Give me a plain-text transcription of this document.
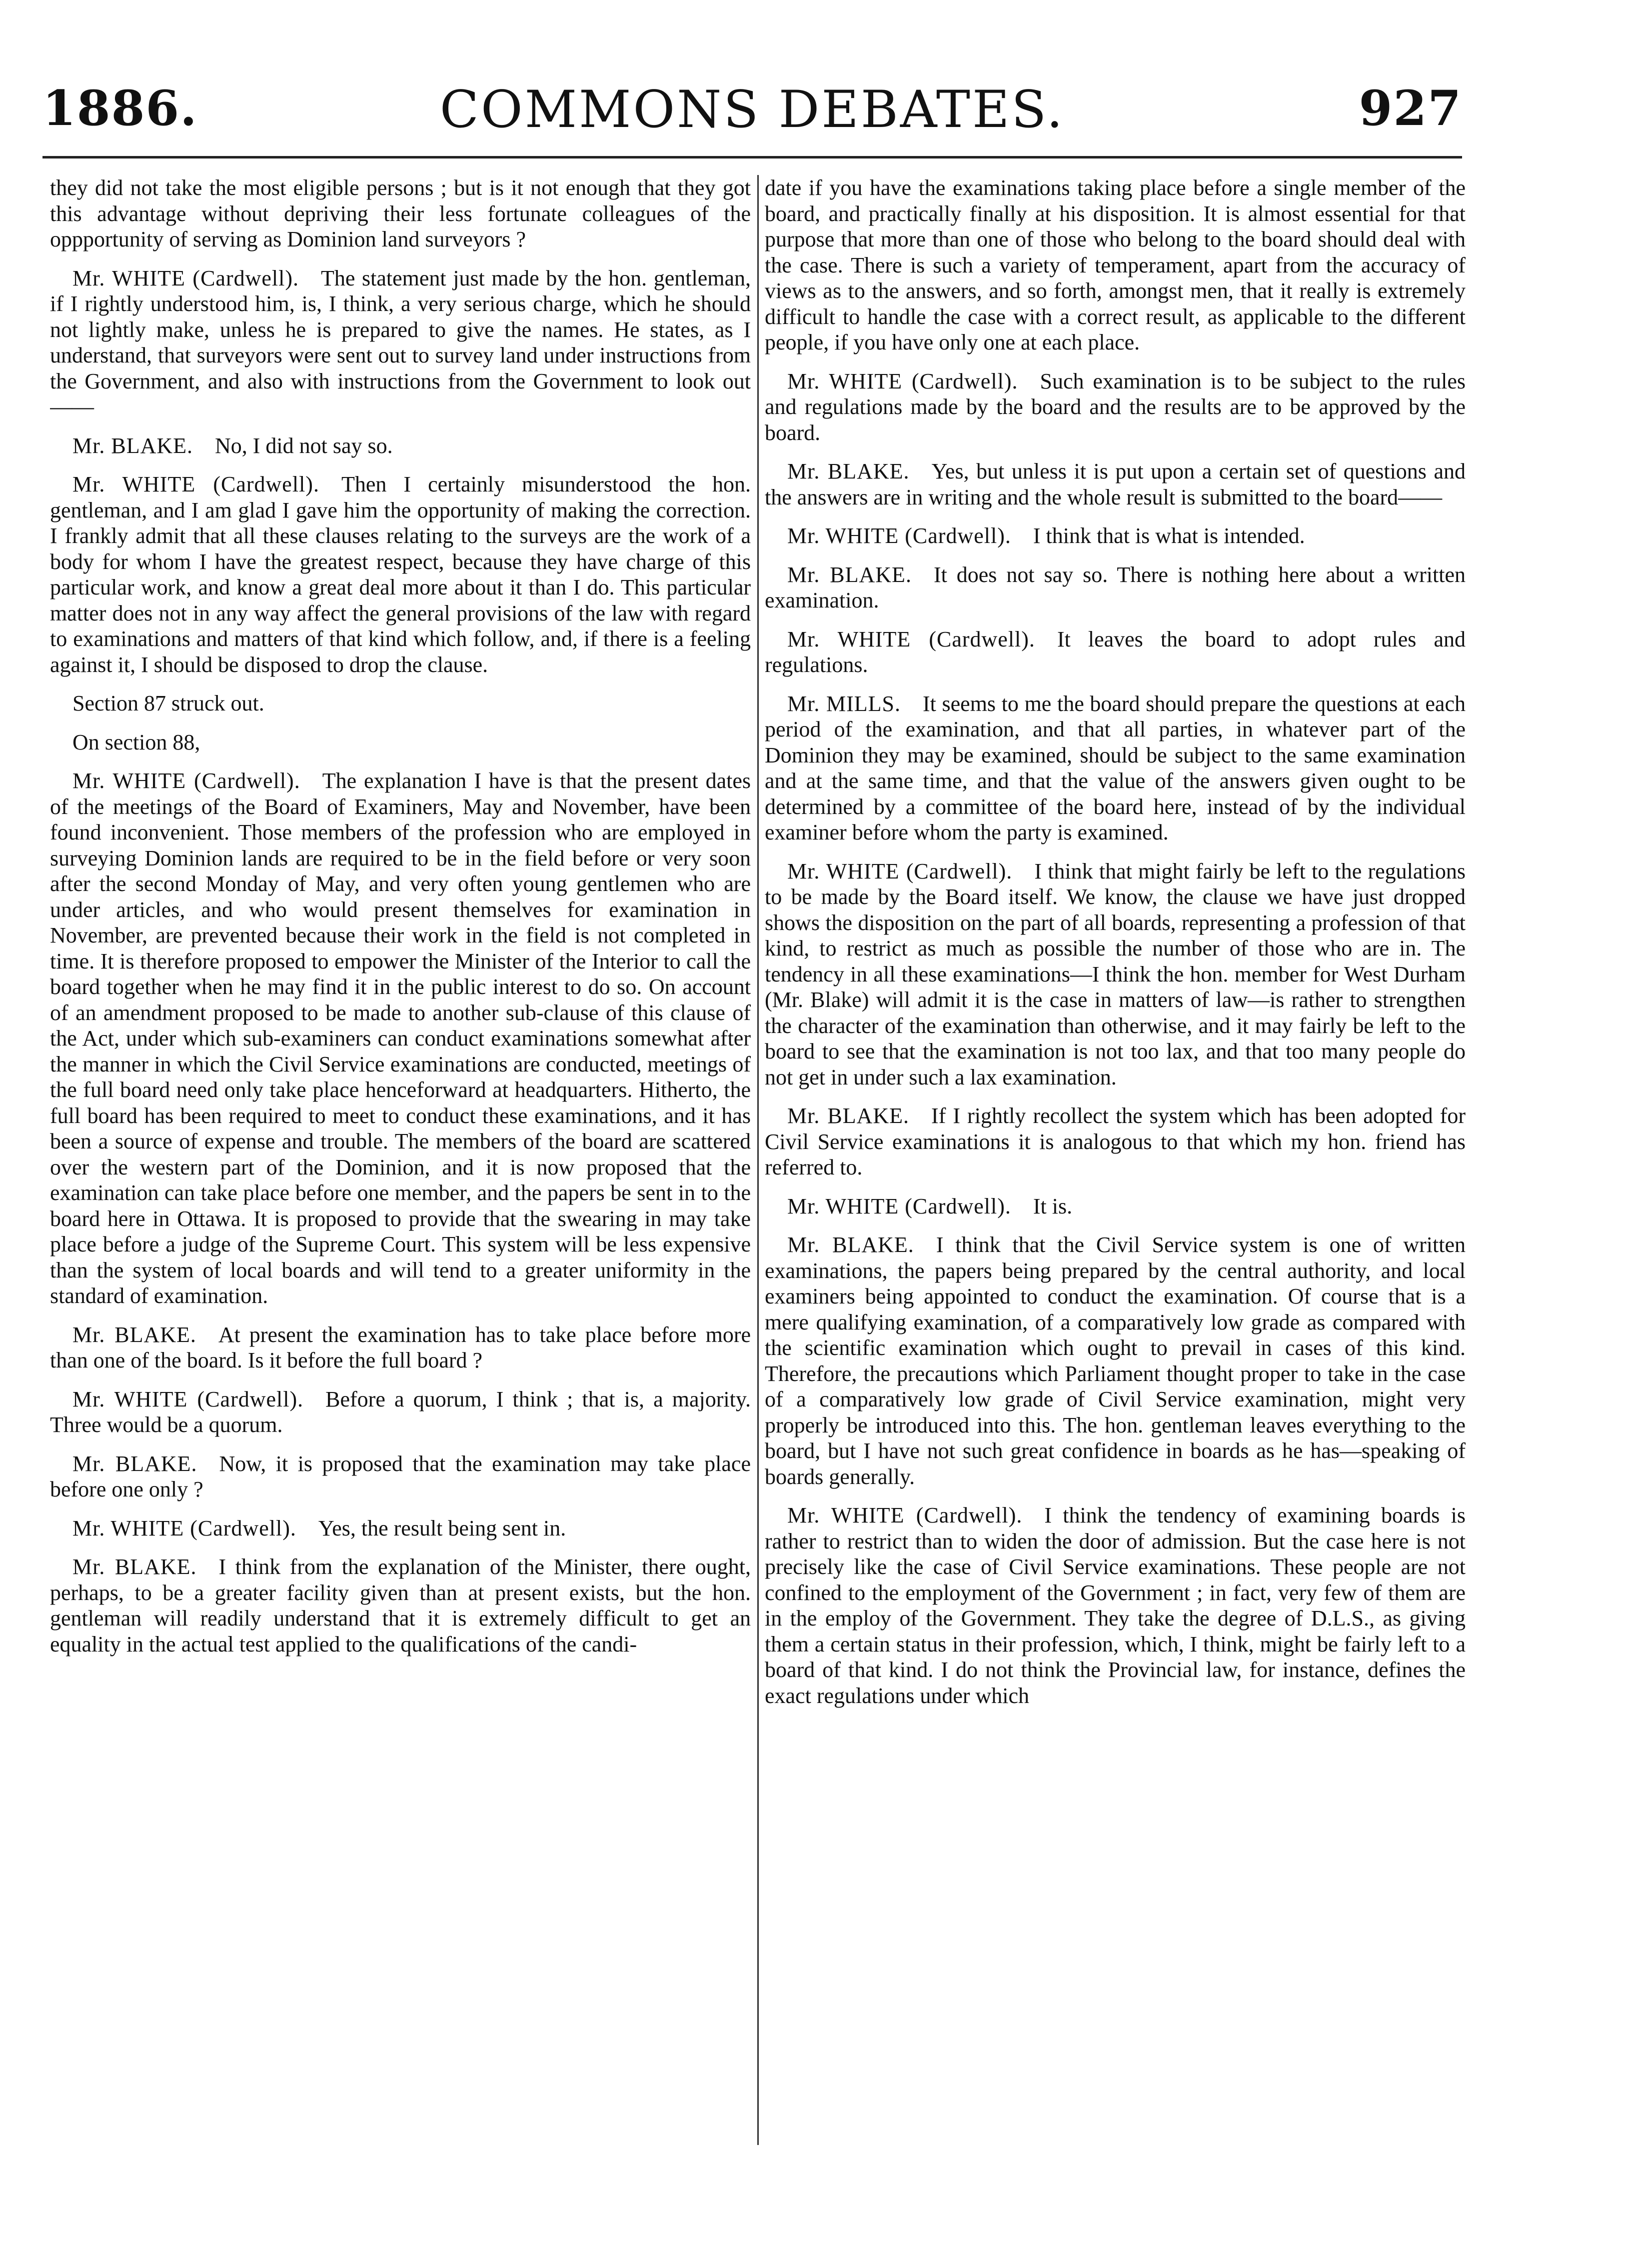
1886.	COMMONS DEBATES.	927

they did not take the most eligible persons ; but is it not enough that they got this advantage without depriving their less fortunate colleagues of the oppportunity of serving as Dominion land surveyors ?

Mr. WHITE (Cardwell).  The statement just made by the hon. gentleman, if I rightly understood him, is, I think, a very serious charge, which he should not lightly make, unless he is prepared to give the names. He states, as I understand, that surveyors were sent out to survey land under instructions from the Government, and also with instructions from the Government to look out——

Mr. BLAKE.  No, I did not say so.

Mr. WHITE (Cardwell).  Then I certainly misunderstood the hon. gentleman, and I am glad I gave him the opportunity of making the correction. I frankly admit that all these clauses relating to the surveys are the work of a body for whom I have the greatest respect, because they have charge of this particular work, and know a great deal more about it than I do. This particular matter does not in any way affect the general provisions of the law with regard to examinations and matters of that kind which follow, and, if there is a feeling against it, I should be disposed to drop the clause.

Section 87 struck out.

On section 88,

Mr. WHITE (Cardwell).  The explanation I have is that the present dates of the meetings of the Board of Examiners, May and November, have been found inconvenient. Those members of the profession who are employed in surveying Dominion lands are required to be in the field before or very soon after the second Monday of May, and very often young gentlemen who are under articles, and who would present themselves for examination in November, are prevented because their work in the field is not completed in time. It is therefore proposed to empower the Minister of the Interior to call the board together when he may find it in the public interest to do so. On account of an amendment proposed to be made to another sub-clause of this clause of the Act, under which sub-examiners can conduct examinations somewhat after the manner in which the Civil Service examinations are conducted, meetings of the full board need only take place henceforward at headquarters. Hitherto, the full board has been required to meet to conduct these examinations, and it has been a source of expense and trouble. The members of the board are scattered over the western part of the Dominion, and it is now proposed that the examination can take place before one member, and the papers be sent in to the board here in Ottawa. It is proposed to provide that the swearing in may take place before a judge of the Supreme Court. This system will be less expensive than the system of local boards and will tend to a greater uniformity in the standard of examination.

Mr. BLAKE.  At present the examination has to take place before more than one of the board. Is it before the full board ?

Mr. WHITE (Cardwell).  Before a quorum, I think ; that is, a majority. Three would be a quorum.

Mr. BLAKE.  Now, it is proposed that the examination may take place before one only ?

Mr. WHITE (Cardwell).  Yes, the result being sent in.

Mr. BLAKE.  I think from the explanation of the Minister, there ought, perhaps, to be a greater facility given than at present exists, but the hon. gentleman will readily understand that it is extremely difficult to get an equality in the actual test applied to the qualifications of the candi-

date if you have the examinations taking place before a single member of the board, and practically finally at his disposition. It is almost essential for that purpose that more than one of those who belong to the board should deal with the case. There is such a variety of temperament, apart from the accuracy of views as to the answers, and so forth, amongst men, that it really is extremely difficult to handle the case with a correct result, as applicable to the different people, if you have only one at each place.

Mr. WHITE (Cardwell).  Such examination is to be subject to the rules and regulations made by the board and the results are to be approved by the board.

Mr. BLAKE.  Yes, but unless it is put upon a certain set of questions and the answers are in writing and the whole result is submitted to the board——

Mr. WHITE (Cardwell).  I think that is what is intended.

Mr. BLAKE.  It does not say so. There is nothing here about a written examination.

Mr. WHITE (Cardwell).  It leaves the board to adopt rules and regulations.

Mr. MILLS.  It seems to me the board should prepare the questions at each period of the examination, and that all parties, in whatever part of the Dominion they may be examined, should be subject to the same examination and at the same time, and that the value of the answers given ought to be determined by a committee of the board here, instead of by the individual examiner before whom the party is examined.

Mr. WHITE (Cardwell).  I think that might fairly be left to the regulations to be made by the Board itself. We know, the clause we have just dropped shows the disposition on the part of all boards, representing a profession of that kind, to restrict as much as possible the number of those who are in. The tendency in all these examinations—I think the hon. member for West Durham (Mr. Blake) will admit it is the case in matters of law—is rather to strengthen the character of the examination than otherwise, and it may fairly be left to the board to see that the examination is not too lax, and that too many people do not get in under such a lax examination.

Mr. BLAKE.  If I rightly recollect the system which has been adopted for Civil Service examinations it is analogous to that which my hon. friend has referred to.

Mr. WHITE (Cardwell).  It is.

Mr. BLAKE.  I think that the Civil Service system is one of written examinations, the papers being prepared by the central authority, and local examiners being appointed to conduct the examination. Of course that is a mere qualifying examination, of a comparatively low grade as compared with the scientific examination which ought to prevail in cases of this kind. Therefore, the precautions which Parliament thought proper to take in the case of a comparatively low grade of Civil Service examination, might very properly be introduced into this. The hon. gentleman leaves everything to the board, but I have not such great confidence in boards as he has—speaking of boards generally.

Mr. WHITE (Cardwell).  I think the tendency of examining boards is rather to restrict than to widen the door of admission. But the case here is not precisely like the case of Civil Service examinations. These people are not confined to the employment of the Government ; in fact, very few of them are in the employ of the Government. They take the degree of D.L.S., as giving them a certain status in their profession, which, I think, might be fairly left to a board of that kind. I do not think the Provincial law, for instance, defines the exact regulations under which
